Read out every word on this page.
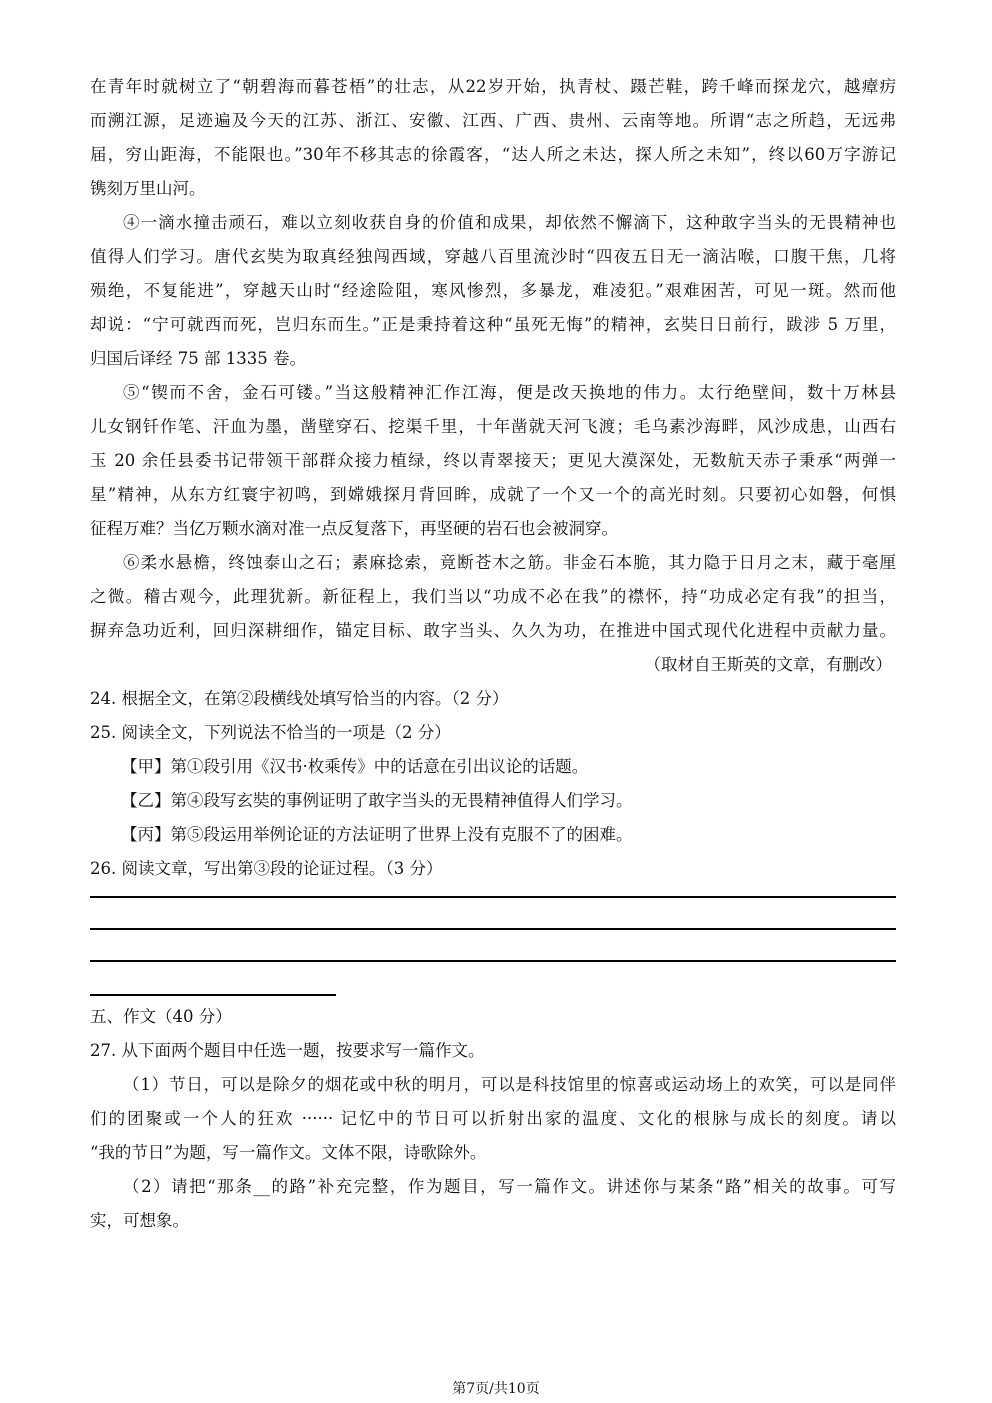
在青年时就树立了“朝碧海而暮苍梧”的壮志，从22岁开始，执青杖、蹑芒鞋，跨千峰而探龙穴，越瘴疠
而溯江源，足迹遍及今天的江苏、浙江、安徽、江西、广西、贵州、云南等地。所谓“志之所趋，无远弗
届，穷山距海，不能限也。”30年不移其志的徐霞客，“达人所之未达，探人所之未知”，终以60万字游记
镌刻万里山河。
④一滴水撞击顽石，难以立刻收获自身的价值和成果，却依然不懈滴下，这种敢字当头的无畏精神也
值得人们学习。唐代玄奘为取真经独闯西域，穿越八百里流沙时“四夜五日无一滴沾喉，口腹干焦，几将
殒绝，不复能进”，穿越天山时“经途险阻，寒风惨烈，多暴龙，难凌犯。”艰难困苦，可见一斑。然而他
却说：“宁可就西而死，岂归东而生。”正是秉持着这种“虽死无悔”的精神，玄奘日日前行，跋涉 5 万里，
归国后译经 75 部 1335 卷。
⑤“锲而不舍，金石可镂。”当这般精神汇作江海，便是改天换地的伟力。太行绝壁间，数十万林县
儿女钢钎作笔、汗血为墨，凿壁穿石、挖渠千里，十年凿就天河飞渡；毛乌素沙海畔，风沙成患，山西右
玉 20 余任县委书记带领干部群众接力植绿，终以青翠接天；更见大漠深处，无数航天赤子秉承“两弹一
星”精神，从东方红寰宇初鸣，到嫦娥探月背回眸，成就了一个又一个的高光时刻。只要初心如磐，何惧
征程万难？当亿万颗水滴对准一点反复落下，再坚硬的岩石也会被洞穿。
⑥柔水悬檐，终蚀泰山之石；素麻捻索，竟断苍木之筋。非金石本脆，其力隐于日月之末，藏于毫厘
之微。稽古观今，此理犹新。新征程上，我们当以“功成不必在我”的襟怀，持“功成必定有我”的担当，
摒弃急功近利，回归深耕细作，锚定目标、敢字当头、久久为功，在推进中国式现代化进程中贡献力量。
（取材自王斯英的文章，有删改）
24. 根据全文，在第②段横线处填写恰当的内容。（2 分）
25. 阅读全文，下列说法不恰当的一项是（2 分）
【甲】第①段引用《汉书·枚乘传》中的话意在引出议论的话题。
【乙】第④段写玄奘的事例证明了敢字当头的无畏精神值得人们学习。
【丙】第⑤段运用举例论证的方法证明了世界上没有克服不了的困难。
26. 阅读文章，写出第③段的论证过程。（3 分）
五、作文（40 分）
27. 从下面两个题目中任选一题，按要求写一篇作文。
（1）节日，可以是除夕的烟花或中秋的明月，可以是科技馆里的惊喜或运动场上的欢笑，可以是同伴
们的团聚或一个人的狂欢 ······ 记忆中的节日可以折射出家的温度、文化的根脉与成长的刻度。请以
“我的节日”为题，写一篇作文。文体不限，诗歌除外。
（2）请把“那条__的路”补充完整，作为题目，写一篇作文。讲述你与某条“路”相关的故事。可写
实，可想象。
第7页/共10页
